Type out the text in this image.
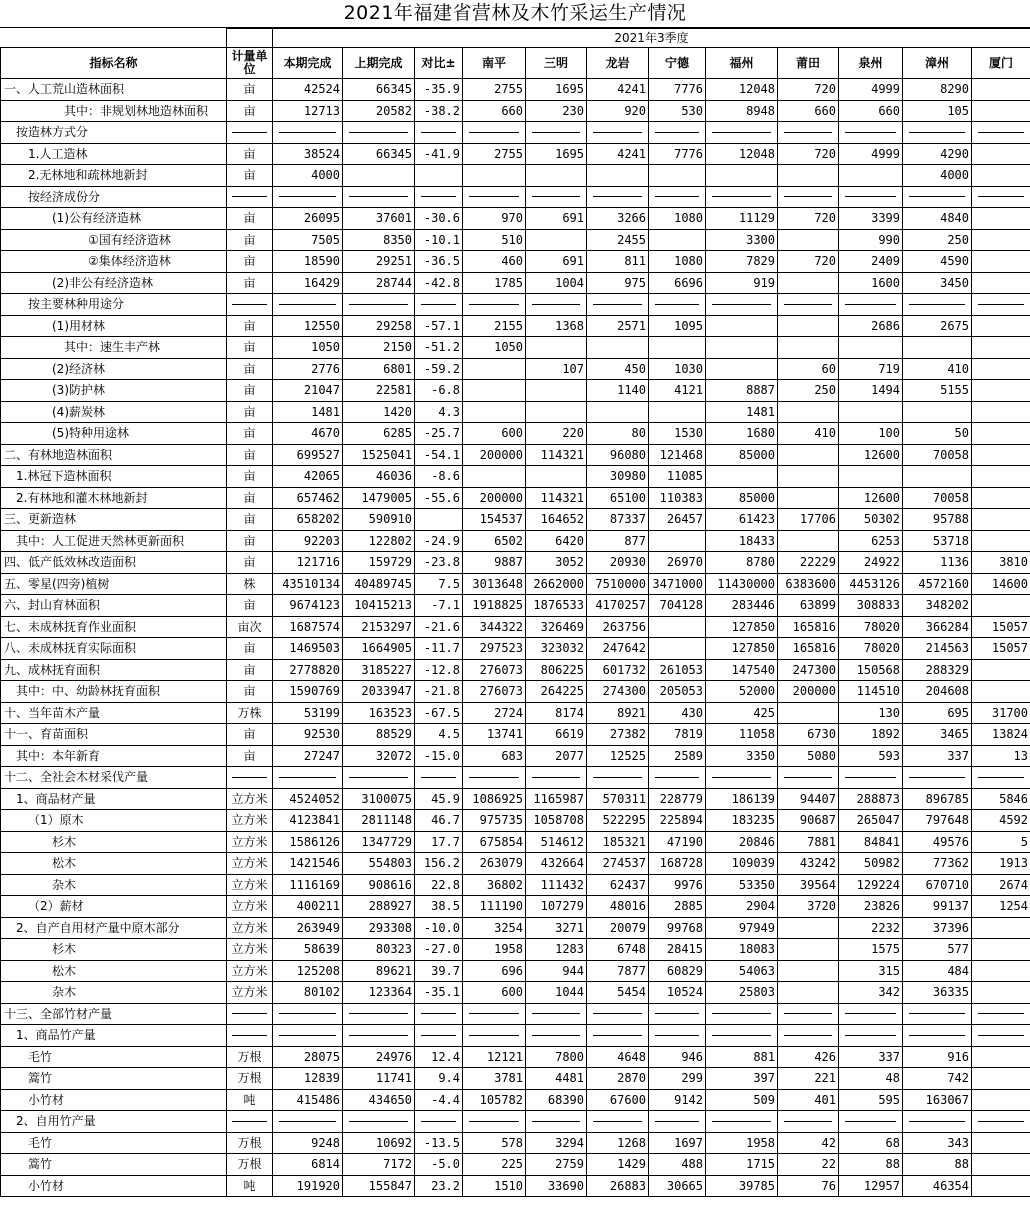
2021年福建省营林及木竹采运生产情况
		2021年3季度											
指标名称	计量单位	本期完成	上期完成	对比±	南平	三明	龙岩	宁德	福州	莆田	泉州	漳州	厦门
一、人工荒山造林面积	亩	42524	66345	-35.9	2755	1695	4241	7776	12048	720	4999	8290	
其中：非规划林地造林面积	亩	12713	20582	-38.2	660	230	920	530	8948	660	660	105	
按造林方式分	

1.人工造林	亩	38524	66345	-41.9	2755	1695	4241	7776	12048	720	4999	4290	
2.无林地和疏林地新封	亩	4000										4000	
按经济成份分	

(1)公有经济造林	亩	26095	37601	-30.6	970	691	3266	1080	11129	720	3399	4840	
①国有经济造林	亩	7505	8350	-10.1	510		2455		3300		990	250	
②集体经济造林	亩	18590	29251	-36.5	460	691	811	1080	7829	720	2409	4590	
(2)非公有经济造林	亩	16429	28744	-42.8	1785	1004	975	6696	919		1600	3450	
按主要林种用途分	

(1)用材林	亩	12550	29258	-57.1	2155	1368	2571	1095			2686	2675	
其中：速生丰产林	亩	1050	2150	-51.2	1050								
(2)经济林	亩	2776	6801	-59.2		107	450	1030		60	719	410	
(3)防护林	亩	21047	22581	-6.8			1140	4121	8887	250	1494	5155	
(4)薪炭林	亩	1481	1420	4.3					1481				
(5)特种用途林	亩	4670	6285	-25.7	600	220	80	1530	1680	410	100	50	
二、有林地造林面积	亩	699527	1525041	-54.1	200000	114321	96080	121468	85000		12600	70058	
1.林冠下造林面积	亩	42065	46036	-8.6			30980	11085					
2.有林地和灌木林地新封	亩	657462	1479005	-55.6	200000	114321	65100	110383	85000		12600	70058	
三、更新造林	亩	658202	590910		154537	164652	87337	26457	61423	17706	50302	95788	
其中：人工促进天然林更新面积	亩	92203	122802	-24.9	6502	6420	877		18433		6253	53718	
四、低产低效林改造面积	亩	121716	159729	-23.8	9887	3052	20930	26970	8780	22229	24922	1136	3810
五、零星(四旁)植树	株	43510134	40489745	7.5	3013648	2662000	7510000	3471000	11430000	6383600	4453126	4572160	14600
六、封山育林面积	亩	9674123	10415213	-7.1	1918825	1876533	4170257	704128	283446	63899	308833	348202	
七、未成林抚育作业面积	亩次	1687574	2153297	-21.6	344322	326469	263756		127850	165816	78020	366284	15057
八、未成林抚育实际面积	亩	1469503	1664905	-11.7	297523	323032	247642		127850	165816	78020	214563	15057
九、成林抚育面积	亩	2778820	3185227	-12.8	276073	806225	601732	261053	147540	247300	150568	288329	
其中：中、幼龄林抚育面积	亩	1590769	2033947	-21.8	276073	264225	274300	205053	52000	200000	114510	204608	
十、当年苗木产量	万株	53199	163523	-67.5	2724	8174	8921	430	425		130	695	31700
十一、育苗面积	亩	92530	88529	4.5	13741	6619	27382	7819	11058	6730	1892	3465	13824
其中：本年新育	亩	27247	32072	-15.0	683	2077	12525	2589	3350	5080	593	337	13
十二、全社会木材采伐产量	

1、商品材产量	立方米	4524052	3100075	45.9	1086925	1165987	570311	228779	186139	94407	288873	896785	5846
（1）原木	立方米	4123841	2811148	46.7	975735	1058708	522295	225894	183235	90687	265047	797648	4592
杉木	立方米	1586126	1347729	17.7	675854	514612	185321	47190	20846	7881	84841	49576	5
松木	立方米	1421546	554803	156.2	263079	432664	274537	168728	109039	43242	50982	77362	1913
杂木	立方米	1116169	908616	22.8	36802	111432	62437	9976	53350	39564	129224	670710	2674
（2）薪材	立方米	400211	288927	38.5	111190	107279	48016	2885	2904	3720	23826	99137	1254
2、自产自用材产量中原木部分	立方米	263949	293308	-10.0	3254	3271	20079	99768	97949		2232	37396	
杉木	立方米	58639	80323	-27.0	1958	1283	6748	28415	18083		1575	577	
松木	立方米	125208	89621	39.7	696	944	7877	60829	54063		315	484	
杂木	立方米	80102	123364	-35.1	600	1044	5454	10524	25803		342	36335	
十三、全部竹材产量	

1、商品竹产量	

毛竹	万根	28075	24976	12.4	12121	7800	4648	946	881	426	337	916	
篙竹	万根	12839	11741	9.4	3781	4481	2870	299	397	221	48	742	
小竹材	吨	415486	434650	-4.4	105782	68390	67600	9142	509	401	595	163067	
2、自用竹产量	

毛竹	万根	9248	10692	-13.5	578	3294	1268	1697	1958	42	68	343	
篙竹	万根	6814	7172	-5.0	225	2759	1429	488	1715	22	88	88	
小竹材	吨	191920	155847	23.2	1510	33690	26883	30665	39785	76	12957	46354	
